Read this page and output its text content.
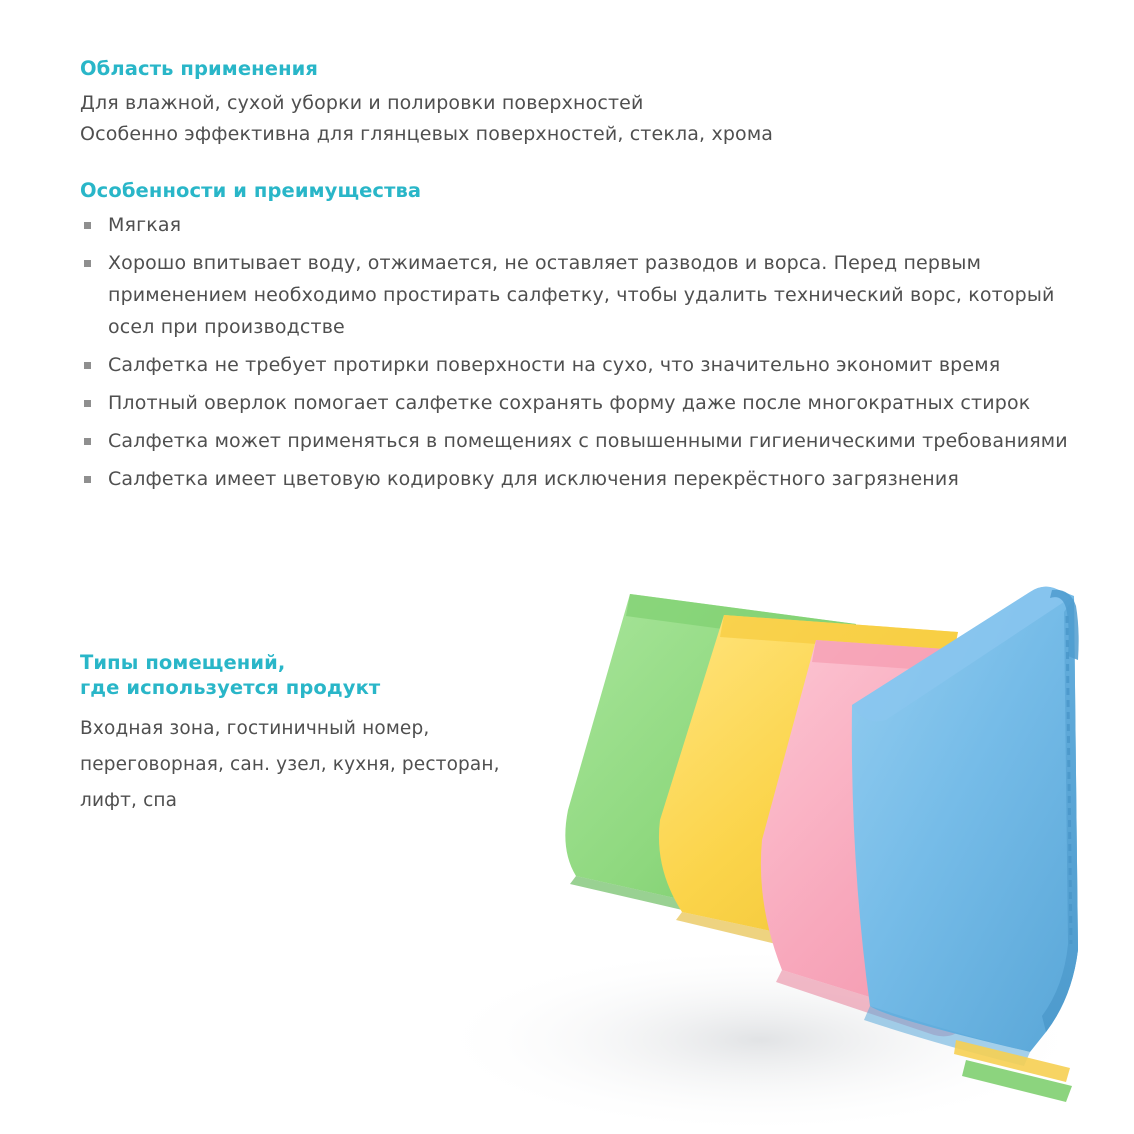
Область применения

Для влажной, сухой уборки и полировки поверхностей

Особенно эффективна для глянцевых поверхностей, стекла, хрома

Особенности и преимущества
Мягкая
Хорошо впитывает воду, отжимается, не оставляет разводов и ворса. Перед первым применением необходимо простирать салфетку, чтобы удалить технический ворс, который осел при производстве
Салфетка не требует протирки поверхности на сухо, что значительно экономит время
Плотный оверлок помогает салфетке сохранять форму даже после многократных стирок
Салфетка может применяться в помещениях с повышенными гигиеническими требованиями
Салфетка имеет цветовую кодировку для исключения перекрёстного загрязнения
Типы помещений,
где используется продукт

Входная зона, гостиничный номер, переговорная, сан. узел, кухня, ресторан, лифт, спа
